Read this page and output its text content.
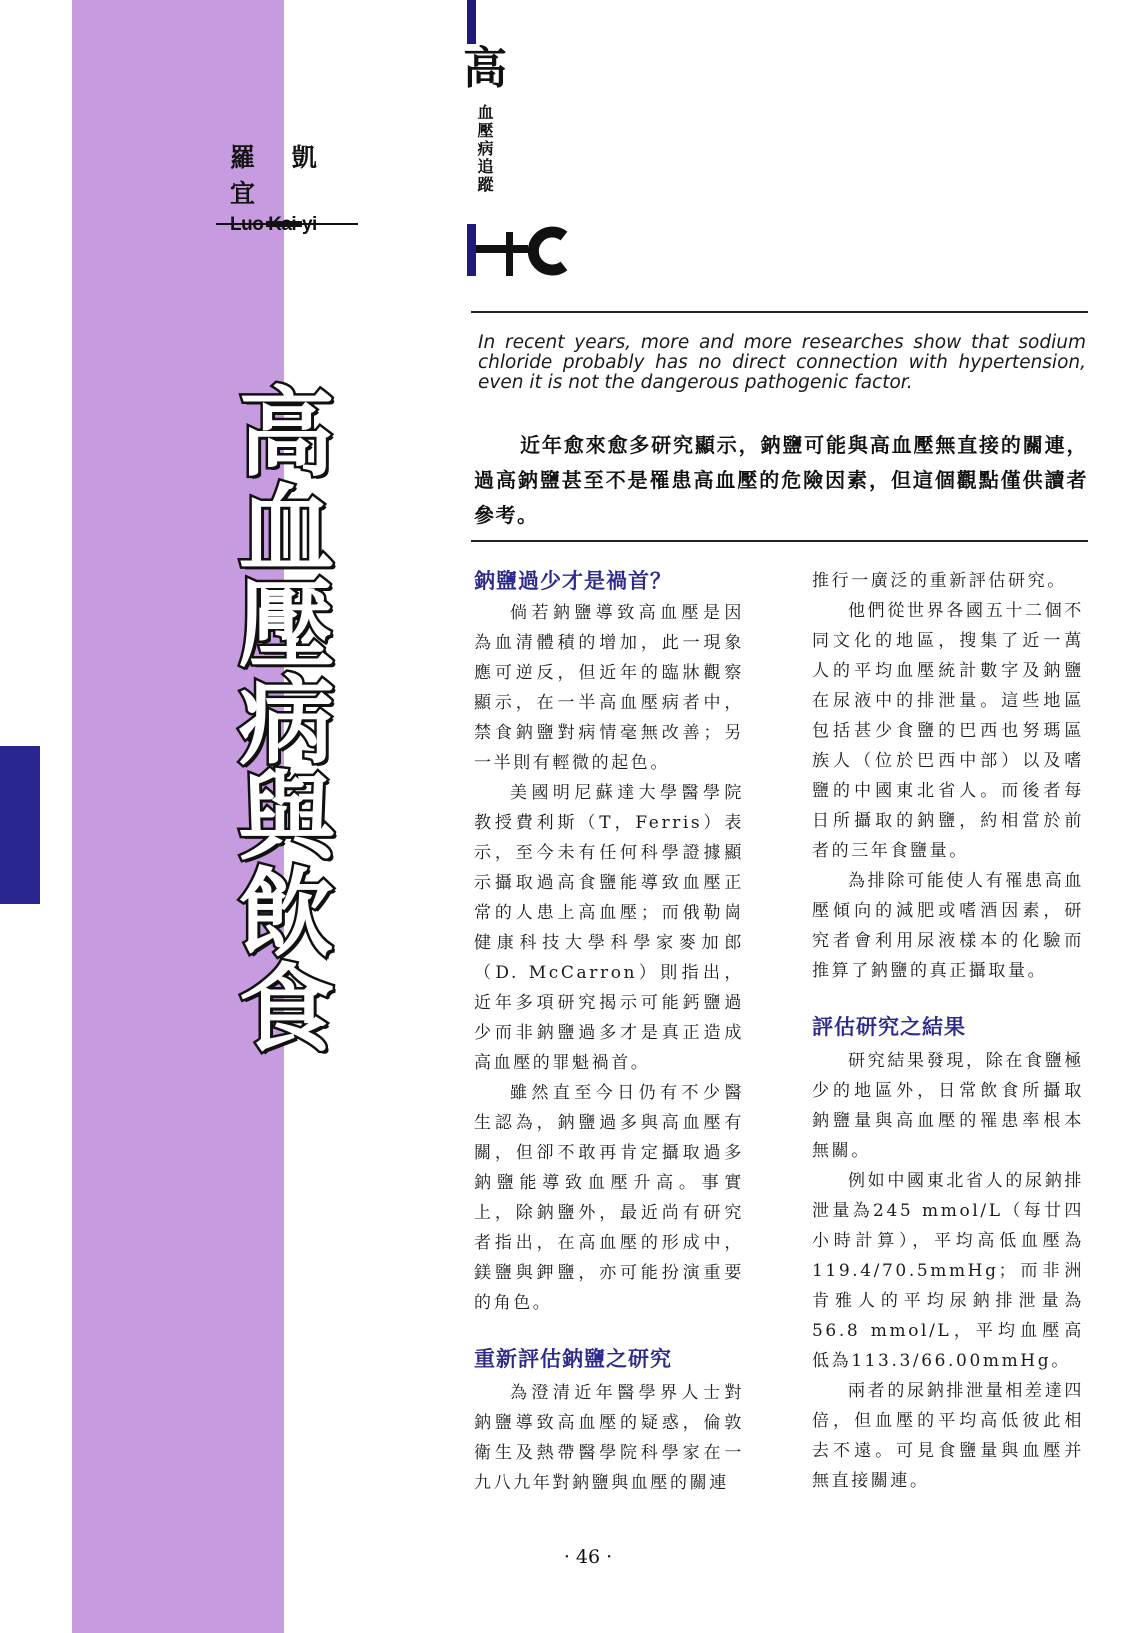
羅 凱 宜
Luo
高血壓病與飲食
高
血壓病追蹤
In recent years, more and more researches show that sodium
chloride probably has no direct connection with hypertension,
even it is not the dangerous pathogenic factor.
近年愈來愈多研究顯示，鈉鹽可能與高血壓無直接的關連，過高鈉鹽甚至不是罹患高血壓的危險因素，但這個觀點僅供讀者參考。
鈉鹽過少才是禍首？

倘若鈉鹽導致高血壓是因為血清體積的增加，此一現象應可逆反，但近年的臨牀觀察顯示，在一半高血壓病者中，禁食鈉鹽對病情毫無改善；另一半則有輕微的起色。

美國明尼蘇達大學醫學院教授費利斯（T，Ferris）表示，至今未有任何科學證據顯示攝取過高食鹽能導致血壓正常的人患上高血壓；而俄勒崗健康科技大學科學家麥加郎（D. McCarron）則指出，近年多項研究揭示可能鈣鹽過少而非鈉鹽過多才是真正造成高血壓的罪魁禍首。

雖然直至今日仍有不少醫生認為，鈉鹽過多與高血壓有關，但卻不敢再肯定攝取過多鈉鹽能導致血壓升高。事實上，除鈉鹽外，最近尚有研究者指出，在高血壓的形成中，鎂鹽與鉀鹽，亦可能扮演重要的角色。

重新評估鈉鹽之研究

為澄清近年醫學界人士對鈉鹽導致高血壓的疑惑，倫敦衛生及熱帶醫學院科學家在一九八九年對鈉鹽與血壓的關連

推行一廣泛的重新評估研究。

他們從世界各國五十二個不同文化的地區，搜集了近一萬人的平均血壓統計數字及鈉鹽在尿液中的排泄量。這些地區包括甚少食鹽的巴西也努瑪區族人（位於巴西中部）以及嗜鹽的中國東北省人。而後者每日所攝取的鈉鹽，約相當於前者的三年食鹽量。

為排除可能使人有罹患高血壓傾向的減肥或嗜酒因素，研究者會利用尿液樣本的化驗而推算了鈉鹽的真正攝取量。

評估研究之結果

研究結果發現，除在食鹽極少的地區外，日常飲食所攝取鈉鹽量與高血壓的罹患率根本無關。

例如中國東北省人的尿鈉排泄量為245 mmol/L（每廿四小時計算），平均高低血壓為119.4/70.5mmHg；而非洲肯雅人的平均尿鈉排泄量為56.8 mmol/L，平均血壓高低為113.3/66.00mmHg。

兩者的尿鈉排泄量相差達四倍，但血壓的平均高低彼此相去不遠。可見食鹽量與血壓并無直接關連。

· 46 ·
